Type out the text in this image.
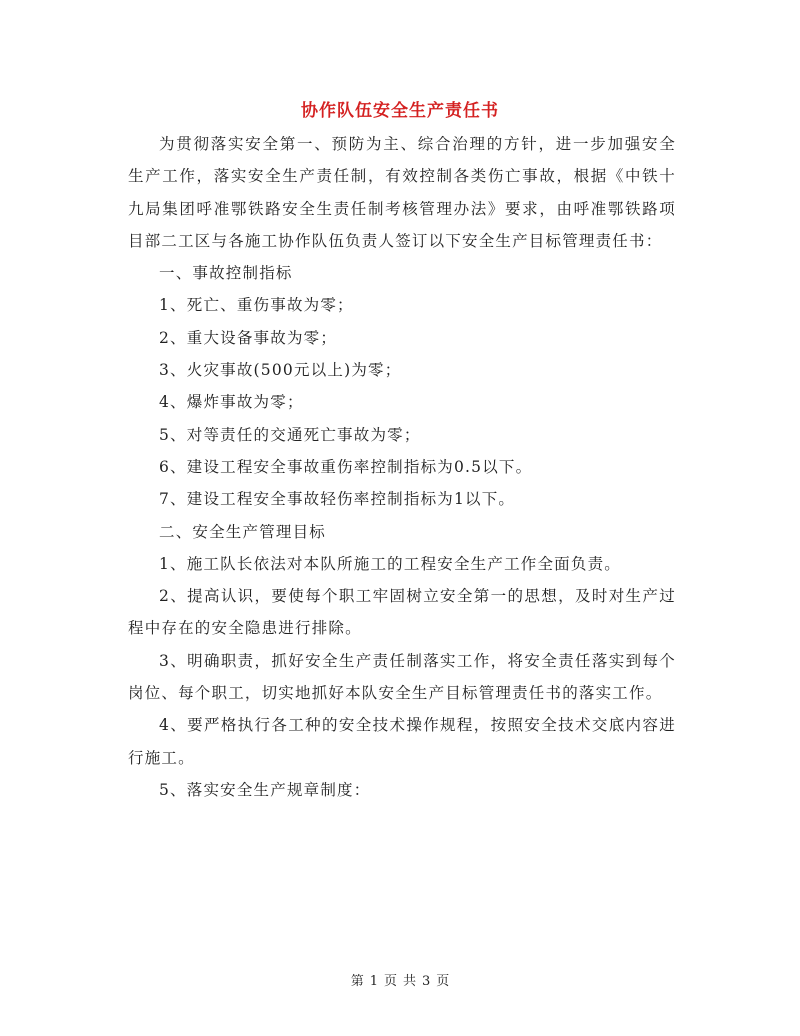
协作队伍安全生产责任书

为贯彻落实安全第一、预防为主、综合治理的方针，进一步加强安全生产工作，落实安全生产责任制，有效控制各类伤亡事故，根据《中铁十九局集团呼准鄂铁路安全生责任制考核管理办法》要求，由呼准鄂铁路项目部二工区与各施工协作队伍负责人签订以下安全生产目标管理责任书：

一、事故控制指标

1、死亡、重伤事故为零；

2、重大设备事故为零；

3、火灾事故(500元以上)为零；

4、爆炸事故为零；

5、对等责任的交通死亡事故为零；

6、建设工程安全事故重伤率控制指标为0.5以下。

7、建设工程安全事故轻伤率控制指标为1以下。

二、安全生产管理目标

1、施工队长依法对本队所施工的工程安全生产工作全面负责。

2、提高认识，要使每个职工牢固树立安全第一的思想，及时对生产过程中存在的安全隐患进行排除。

3、明确职责，抓好安全生产责任制落实工作，将安全责任落实到每个岗位、每个职工，切实地抓好本队安全生产目标管理责任书的落实工作。

4、要严格执行各工种的安全技术操作规程，按照安全技术交底内容进行施工。

5、落实安全生产规章制度：

第 1 页 共 3 页
